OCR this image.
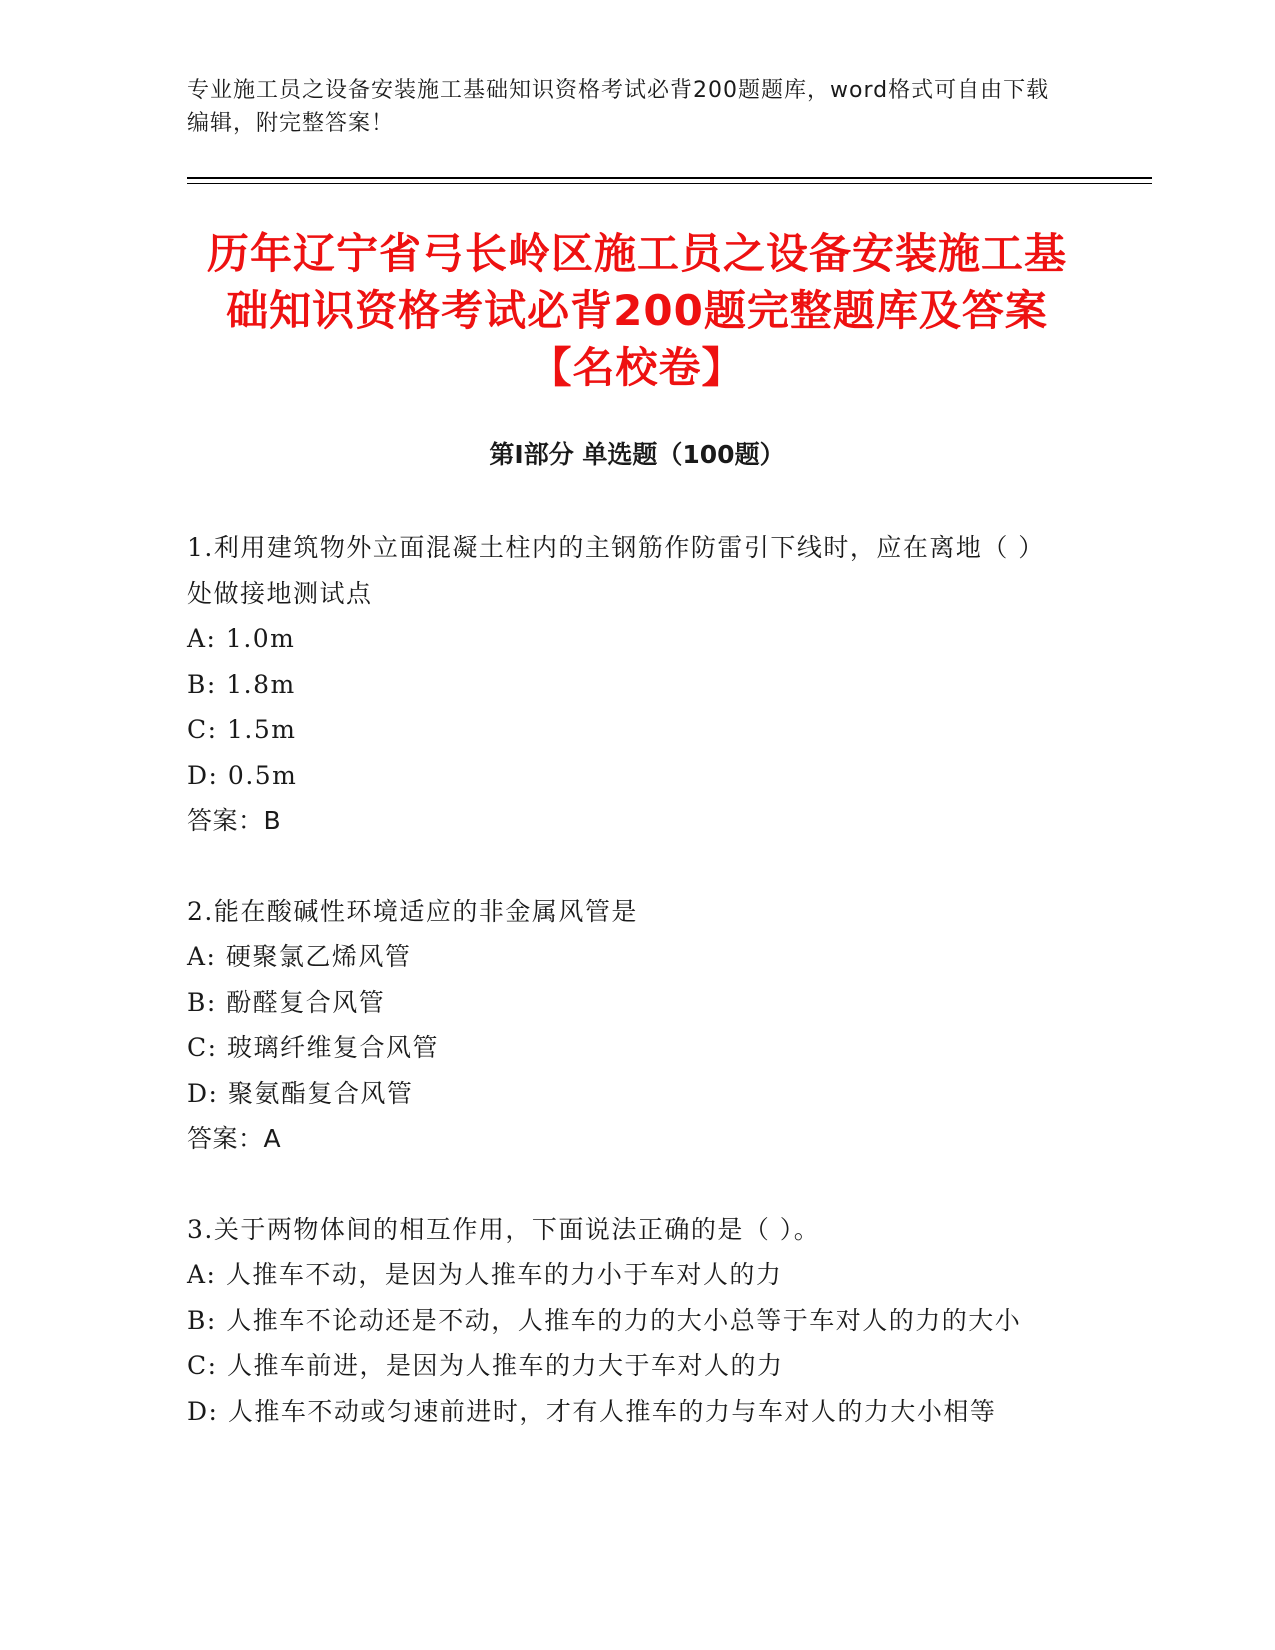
专业施工员之设备安装施工基础知识资格考试必背200题题库，word格式可自由下载编辑，附完整答案！
历年辽宁省弓长岭区施工员之设备安装施工基础知识资格考试必背200题完整题库及答案【名校卷】
第I部分 单选题（100题）
1.利用建筑物外立面混凝土柱内的主钢筋作防雷引下线时，应在离地（ ）处做接地测试点
A: 1.0m
B: 1.8m
C: 1.5m
D: 0.5m
答案：B
2.能在酸碱性环境适应的非金属风管是
A: 硬聚氯乙烯风管
B: 酚醛复合风管
C: 玻璃纤维复合风管
D: 聚氨酯复合风管
答案：A
3.关于两物体间的相互作用，下面说法正确的是（ ）。
A: 人推车不动，是因为人推车的力小于车对人的力
B: 人推车不论动还是不动，人推车的力的大小总等于车对人的力的大小
C: 人推车前进，是因为人推车的力大于车对人的力
D: 人推车不动或匀速前进时，才有人推车的力与车对人的力大小相等
